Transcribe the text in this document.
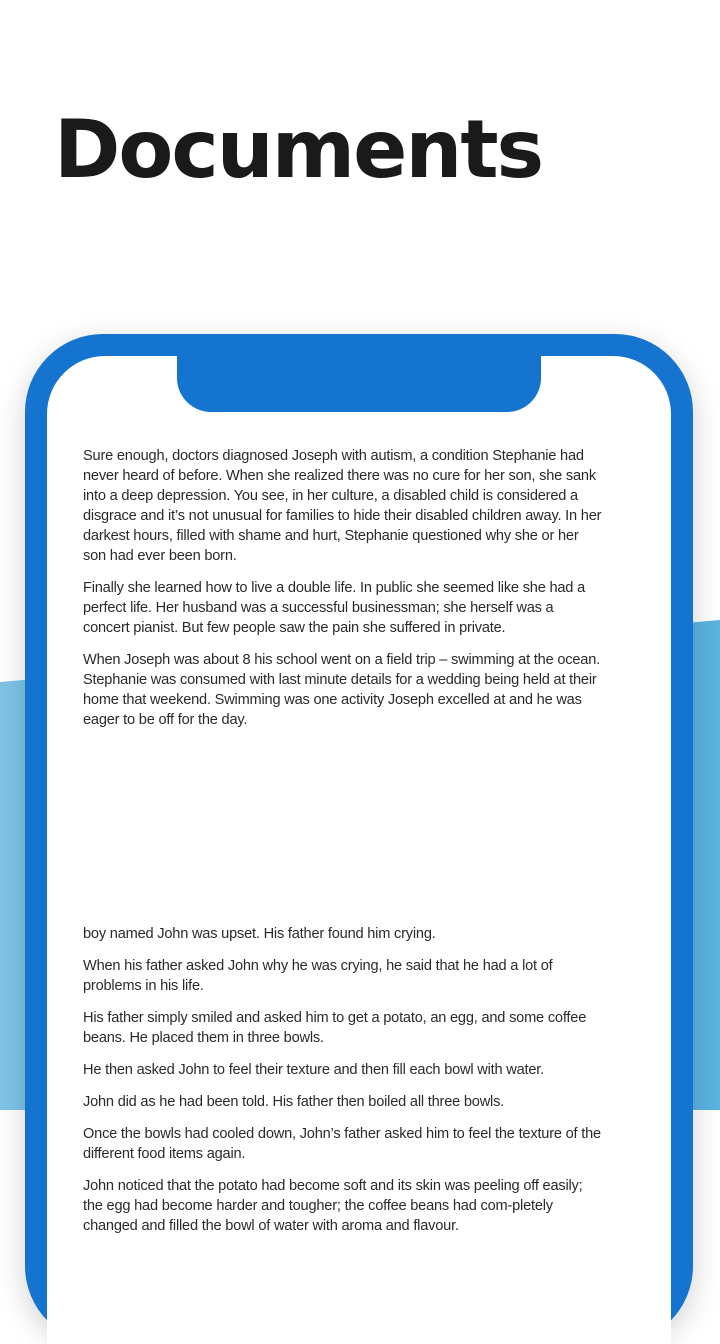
Documents

Sure enough, doctors diagnosed Joseph with autism, a condition Stephanie had never heard of before. When she realized there was no cure for her son, she sank into a deep depression. You see, in her culture, a disabled child is considered a disgrace and it’s not unusual for families to hide their disabled children away. In her darkest hours, filled with shame and hurt, Stephanie questioned why she or her son had ever been born.

Finally she learned how to live a double life. In public she seemed like she had a perfect life. Her husband was a successful businessman; she herself was a concert pianist. But few people saw the pain she suffered in private.

When Joseph was about 8 his school went on a field trip – swimming at the ocean. Stephanie was consumed with last minute details for a wedding being held at their home that weekend. Swimming was one activity Joseph excelled at and he was eager to be off for the day.

boy named John was upset. His father found him crying.

When his father asked John why he was crying, he said that he had a lot of problems in his life.

His father simply smiled and asked him to get a potato, an egg, and some coffee beans. He placed them in three bowls.

He then asked John to feel their texture and then fill each bowl with water.

John did as he had been told. His father then boiled all three bowls.

Once the bowls had cooled down, John’s father asked him to feel the texture of the different food items again.

John noticed that the potato had become soft and its skin was peeling off easily; the egg had become harder and tougher; the coffee beans had com-pletely changed and filled the bowl of water with aroma and flavour.
